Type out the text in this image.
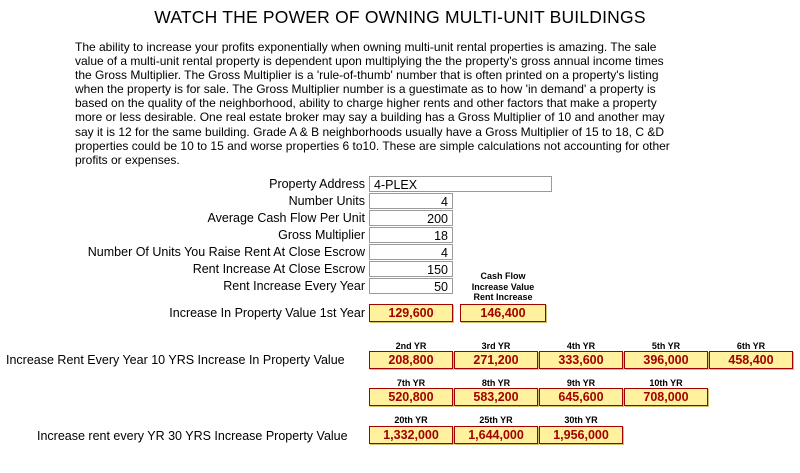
WATCH THE POWER OF OWNING MULTI-UNIT BUILDINGS
The ability to increase your profits exponentially when owning multi-unit rental properties is amazing. The sale
value of a multi-unit rental property is dependent upon multiplying the the property's gross annual income times
the Gross Multiplier. The Gross Multiplier is a 'rule-of-thumb' number that is often printed on a property's listing
when the property is for sale. The Gross Multiplier number is a guestimate as to how 'in demand' a property is
based on the quality of the neighborhood, ability to charge higher rents and other factors that make a property
more or less desirable. One real estate broker may say a building has a Gross Multiplier of 10 and another may
say it is 12 for the same building. Grade A & B neighborhoods usually have a Gross Multiplier of 15 to 18, C &D
properties could be 10 to 15 and worse properties 6 to10. These are simple calculations not accounting for other
profits or expenses.
Property Address 4-PLEX
Number Units	4
Average Cash Flow Per Unit	200
Gross Multiplier	18
Number Of Units You Raise Rent At Close Escrow	4
Rent Increase At Close Escrow	150
Rent Increase Every Year	50
Cash Flow
Increase Value
Rent Increase
Increase In Property Value 1st Year	129,600	146,400
2nd YR	3rd YR	4th YR	5th YR	6th YR
Increase Rent Every Year 10 YRS Increase In Property Value	208,800	271,200	333,600	396,000	458,400
7th YR	8th YR	9th YR	10th YR
520,800	583,200	645,600	708,000
20th YR	25th YR	30th YR
Increase rent every YR 30 YRS Increase Property Value	1,332,000	1,644,000	1,956,000
